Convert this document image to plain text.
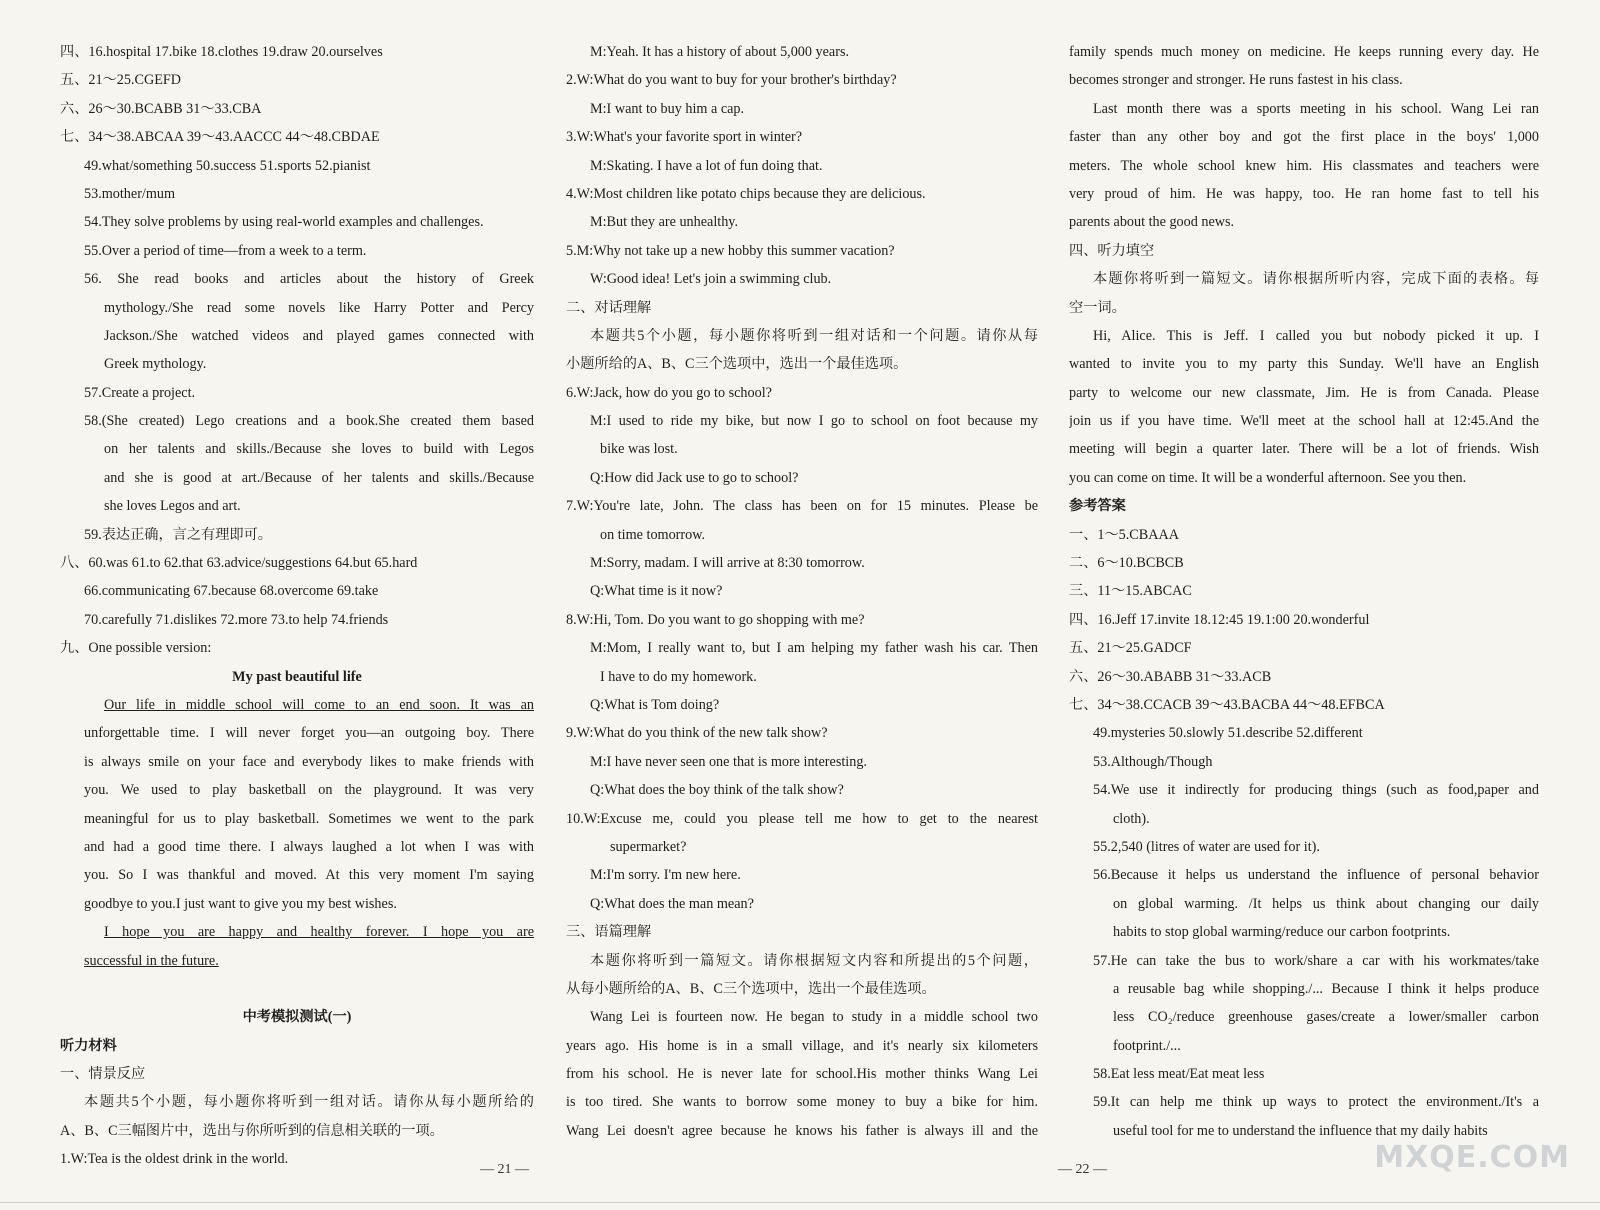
四、16.hospital 17.bike 18.clothes 19.draw 20.ourselves
五、21～25.CGEFD
六、26～30.BCABB 31～33.CBA
七、34～38.ABCAA 39～43.AACCC 44～48.CBDAE
49.what/something 50.success 51.sports 52.pianist
53.mother/mum
54.They solve problems by using real-world examples and challenges.
55.Over a period of time—from a week to a term.
56. She read books and articles about the history of Greek
mythology./She read some novels like Harry Potter and Percy
Jackson./She watched videos and played games connected with
Greek mythology.
57.Create a project.
58.(She created) Lego creations and a book.She created them based
on her talents and skills./Because she loves to build with Legos
and she is good at art./Because of her talents and skills./Because
she loves Legos and art.
59.表达正确，言之有理即可。
八、60.was 61.to 62.that 63.advice/suggestions 64.but 65.hard
66.communicating 67.because 68.overcome 69.take
70.carefully 71.dislikes 72.more 73.to help 74.friends
九、One possible version:
My past beautiful life
Our life in middle school will come to an end soon. It was an
unforgettable time. I will never forget you—an outgoing boy. There
is always smile on your face and everybody likes to make friends with
you. We used to play basketball on the playground. It was very
meaningful for us to play basketball. Sometimes we went to the park
and had a good time there. I always laughed a lot when I was with
you. So I was thankful and moved. At this very moment I'm saying
goodbye to you.I just want to give you my best wishes.
I hope you are happy and healthy forever. I hope you are
successful in the future.
中考模拟测试(一)
听力材料
一、情景反应
本题共5个小题，每小题你将听到一组对话。请你从每小题所给的
A、B、C三幅图片中，选出与你所听到的信息相关联的一项。
1.W:Tea is the oldest drink in the world.
M:Yeah. It has a history of about 5,000 years.
2.W:What do you want to buy for your brother's birthday?
M:I want to buy him a cap.
3.W:What's your favorite sport in winter?
M:Skating. I have a lot of fun doing that.
4.W:Most children like potato chips because they are delicious.
M:But they are unhealthy.
5.M:Why not take up a new hobby this summer vacation?
W:Good idea! Let's join a swimming club.
二、对话理解
本题共5个小题，每小题你将听到一组对话和一个问题。请你从每
小题所给的A、B、C三个选项中，选出一个最佳选项。
6.W:Jack, how do you go to school?
M:I used to ride my bike, but now I go to school on foot because my
bike was lost.
Q:How did Jack use to go to school?
7.W:You're late, John. The class has been on for 15 minutes. Please be
on time tomorrow.
M:Sorry, madam. I will arrive at 8:30 tomorrow.
Q:What time is it now?
8.W:Hi, Tom. Do you want to go shopping with me?
M:Mom, I really want to, but I am helping my father wash his car. Then
I have to do my homework.
Q:What is Tom doing?
9.W:What do you think of the new talk show?
M:I have never seen one that is more interesting.
Q:What does the boy think of the talk show?
10.W:Excuse me, could you please tell me how to get to the nearest
supermarket?
M:I'm sorry. I'm new here.
Q:What does the man mean?
三、语篇理解
本题你将听到一篇短文。请你根据短文内容和所提出的5个问题，
从每小题所给的A、B、C三个选项中，选出一个最佳选项。
Wang Lei is fourteen now. He began to study in a middle school two
years ago. His home is in a small village, and it's nearly six kilometers
from his school. He is never late for school.His mother thinks Wang Lei
is too tired. She wants to borrow some money to buy a bike for him.
Wang Lei doesn't agree because he knows his father is always ill and the
family spends much money on medicine. He keeps running every day. He
becomes stronger and stronger. He runs fastest in his class.
Last month there was a sports meeting in his school. Wang Lei ran
faster than any other boy and got the first place in the boys' 1,000
meters. The whole school knew him. His classmates and teachers were
very proud of him. He was happy, too. He ran home fast to tell his
parents about the good news.
四、听力填空
本题你将听到一篇短文。请你根据所听内容，完成下面的表格。每
空一词。
Hi, Alice. This is Jeff. I called you but nobody picked it up. I
wanted to invite you to my party this Sunday. We'll have an English
party to welcome our new classmate, Jim. He is from Canada. Please
join us if you have time. We'll meet at the school hall at 12:45.And the
meeting will begin a quarter later. There will be a lot of friends. Wish
you can come on time. It will be a wonderful afternoon. See you then.
参考答案
一、1～5.CBAAA
二、6～10.BCBCB
三、11～15.ABCAC
四、16.Jeff 17.invite 18.12:45 19.1:00 20.wonderful
五、21～25.GADCF
六、26～30.ABABB 31～33.ACB
七、34～38.CCACB 39～43.BACBA 44～48.EFBCA
49.mysteries 50.slowly 51.describe 52.different
53.Although/Though
54.We use it indirectly for producing things (such as food,paper and
cloth).
55.2,540 (litres of water are used for it).
56.Because it helps us understand the influence of personal behavior
on global warming. /It helps us think about changing our daily
habits to stop global warming/reduce our carbon footprints.
57.He can take the bus to work/share a car with his workmates/take
a reusable bag while shopping./... Because I think it helps produce
less CO₂/reduce greenhouse gases/create a lower/smaller carbon
footprint./...
58.Eat less meat/Eat meat less
59.It can help me think up ways to protect the environment./It's a
useful tool for me to understand the influence that my daily habits
— 21 —	— 22 —	MXQE.COM
